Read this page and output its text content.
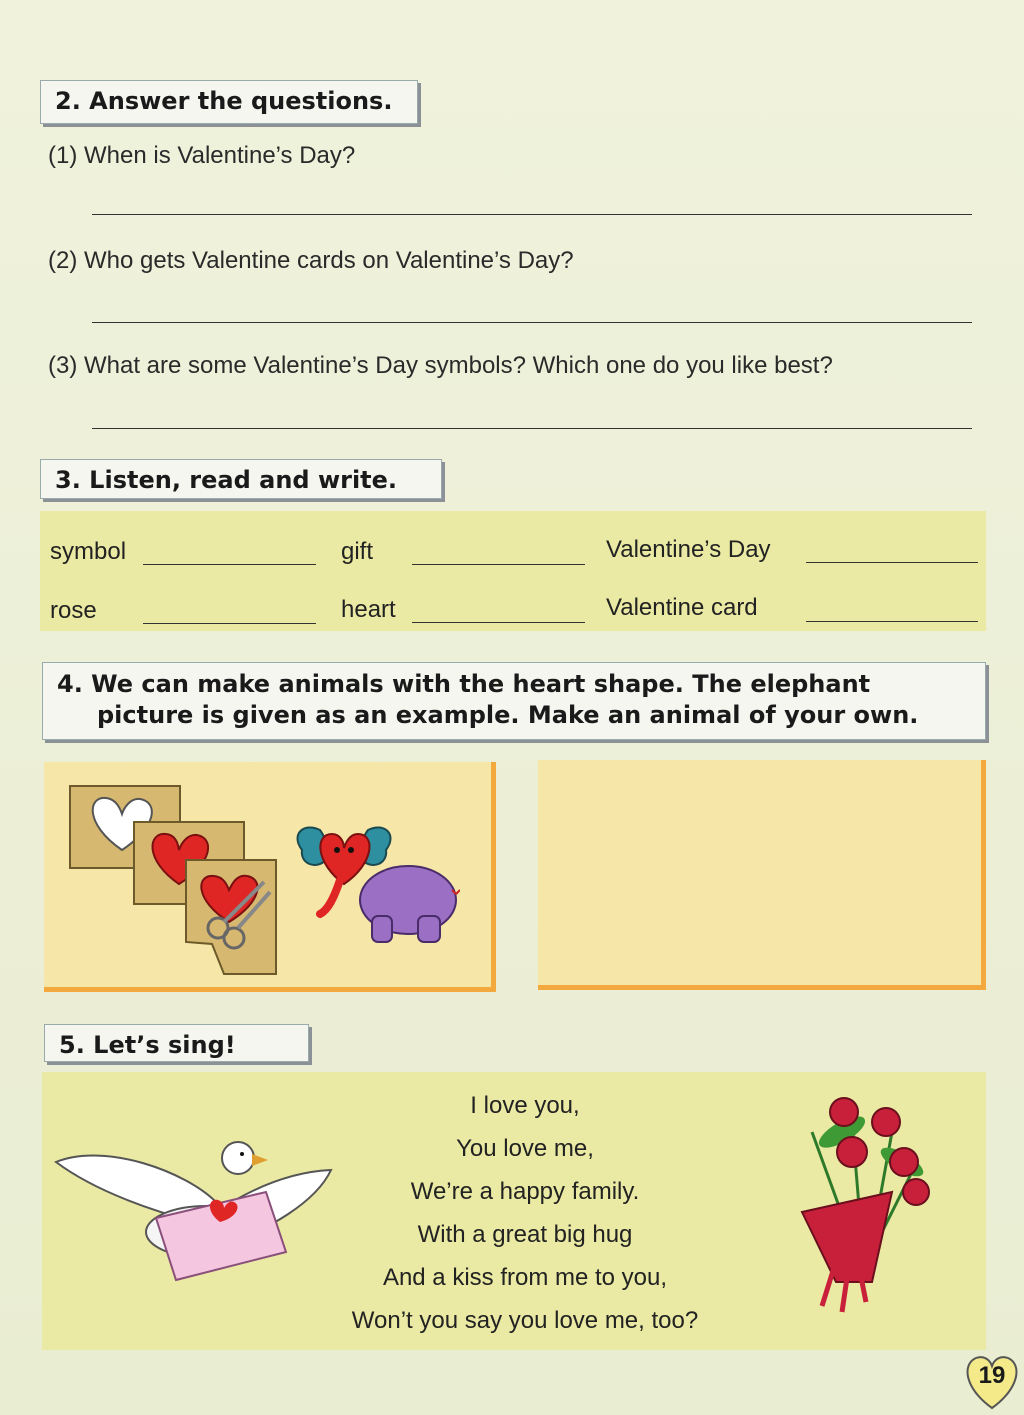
2. Answer the questions.
(1) When is Valentine’s Day?
(2) Who gets Valentine cards on Valentine’s Day?
(3) What are some Valentine’s Day symbols? Which one do you like best?
3. Listen, read and write.
symbol	gift	Valentine’s Day
rose	heart	Valentine card
4. We can make animals with the heart shape. The elephant
picture is given as an example. Make an animal of your own.
5. Let’s sing!
I love you,
You love me,
We’re a happy family.
With a great big hug
And a kiss from me to you,
Won’t you say you love me, too?
19
